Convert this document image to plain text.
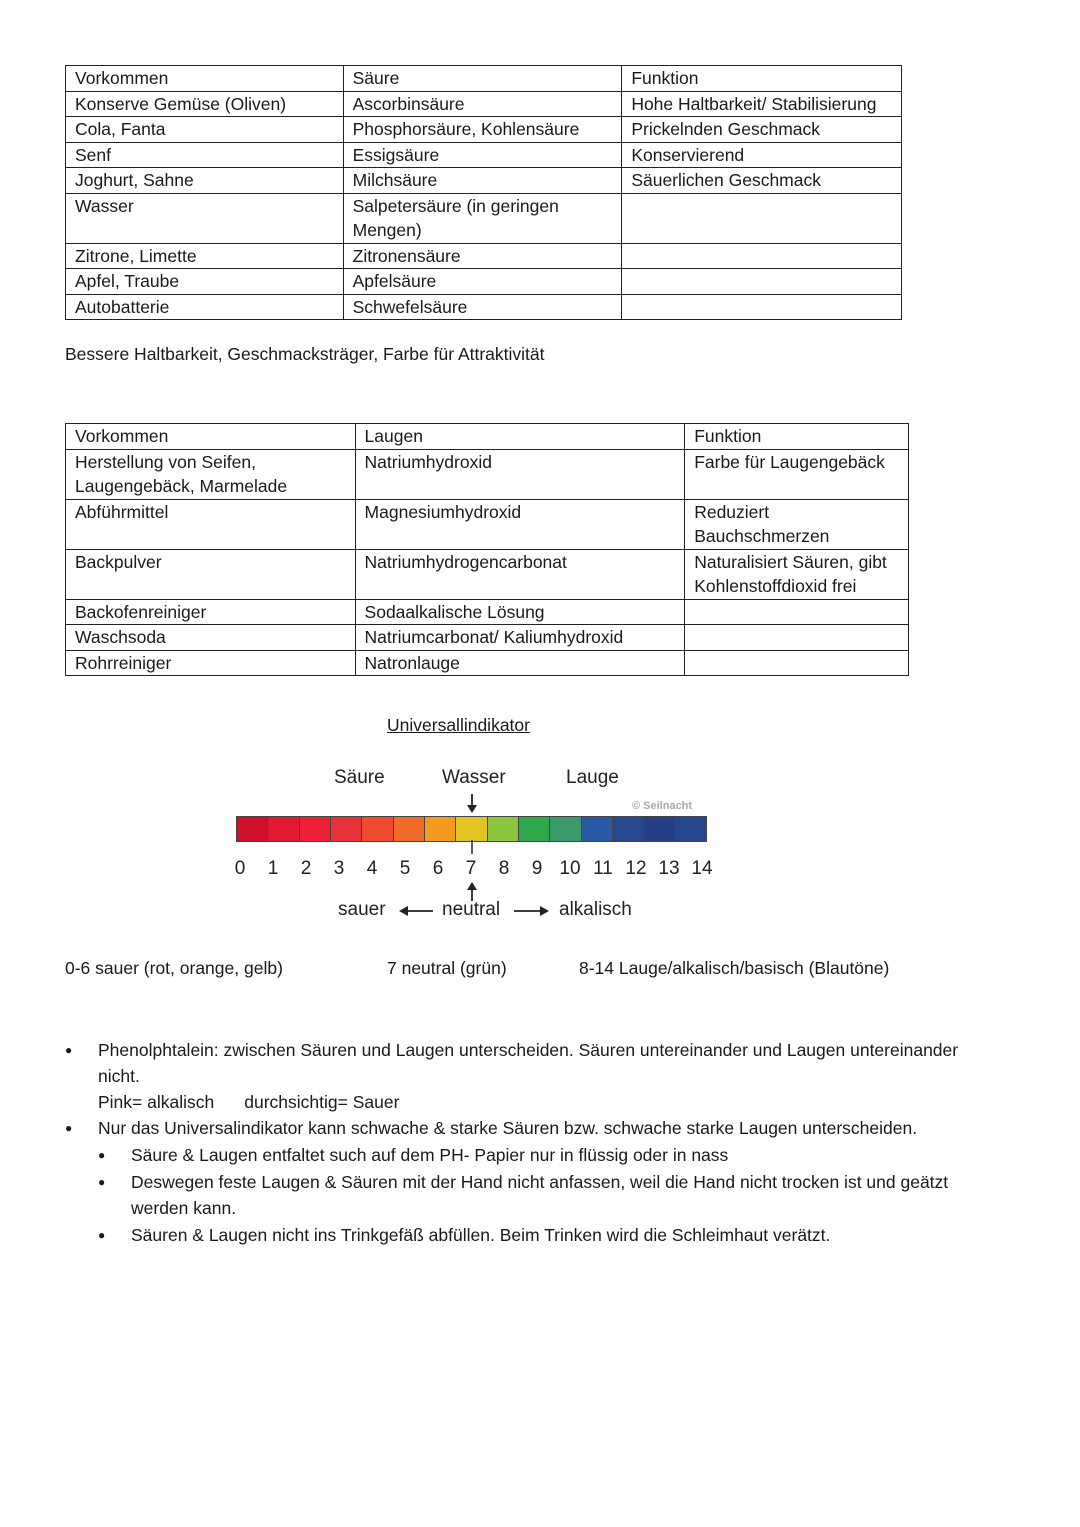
Vorkommen	Säure	Funktion
Konserve Gemüse (Oliven)	Ascorbinsäure	Hohe Haltbarkeit/ Stabilisierung
Cola, Fanta	Phosphorsäure, Kohlensäure	Prickelnden Geschmack
Senf	Essigsäure	Konservierend
Joghurt, Sahne	Milchsäure	Säuerlichen Geschmack
Wasser	Salpetersäure (in geringen Mengen)	
Zitrone, Limette	Zitronensäure	
Apfel, Traube	Apfelsäure	
Autobatterie	Schwefelsäure	
Bessere Haltbarkeit, Geschmacksträger, Farbe für Attraktivität
Vorkommen	Laugen	Funktion
Herstellung von Seifen, Laugengebäck, Marmelade	Natriumhydroxid	Farbe für Laugengebäck
Abführmittel	Magnesiumhydroxid	Reduziert Bauchschmerzen
Backpulver	Natriumhydrogencarbonat	Naturalisiert Säuren, gibt Kohlenstoffdioxid frei
Backofenreiniger	Sodaalkalische Lösung	
Waschsoda	Natriumcarbonat/ Kaliumhydroxid	
Rohrreiniger	Natronlauge	
Universallindikator
Säure	Wasser	Lauge
© Seilnacht
0 1 2 3 4 5 6 7 8 9 10 11 12 13 14
sauer	neutral	alkalisch
0-6 sauer (rot, orange, gelb)	7 neutral (grün)	8-14 Lauge/alkalisch/basisch (Blautöne)
● Phenolphtalein: zwischen Säuren und Laugen unterscheiden. Säuren untereinander und Laugen untereinander
nicht.
Pink= alkalisch durchsichtig= Sauer
● Nur das Universalindikator kann schwache & starke Säuren bzw. schwache starke Laugen unterscheiden.
● Säure & Laugen entfaltet such auf dem PH- Papier nur in flüssig oder in nass
● Deswegen feste Laugen & Säuren mit der Hand nicht anfassen, weil die Hand nicht trocken ist und geätzt
werden kann.
● Säuren & Laugen nicht ins Trinkgefäß abfüllen. Beim Trinken wird die Schleimhaut verätzt.
